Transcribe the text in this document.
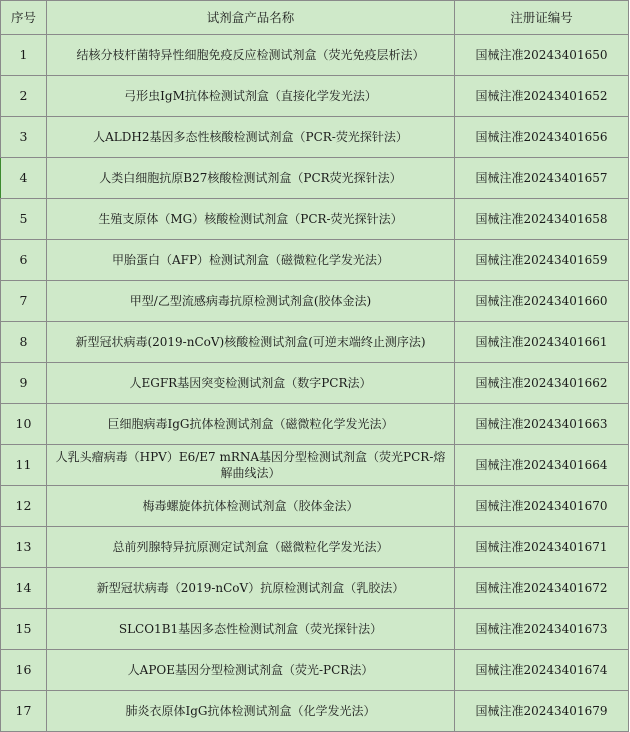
序号	试剂盒产品名称	注册证编号
1	结核分枝杆菌特异性细胞免疫反应检测试剂盒（荧光免疫层析法）	国械注准20243401650
2	弓形虫IgM抗体检测试剂盒（直接化学发光法）	国械注准20243401652
3	人ALDH2基因多态性核酸检测试剂盒（PCR-荧光探针法）	国械注准20243401656
4	人类白细胞抗原B27核酸检测试剂盒（PCR荧光探针法）	国械注准20243401657
5	生殖支原体（MG）核酸检测试剂盒（PCR-荧光探针法）	国械注准20243401658
6	甲胎蛋白（AFP）检测试剂盒（磁微粒化学发光法）	国械注准20243401659
7	甲型/乙型流感病毒抗原检测试剂盒(胶体金法)	国械注准20243401660
8	新型冠状病毒(2019-nCoV)核酸检测试剂盒(可逆末端终止测序法)	国械注准20243401661
9	人EGFR基因突变检测试剂盒（数字PCR法）	国械注准20243401662
10	巨细胞病毒IgG抗体检测试剂盒（磁微粒化学发光法）	国械注准20243401663
11	人乳头瘤病毒（HPV）E6/E7 mRNA基因分型检测试剂盒（荧光PCR-熔解曲线法）	国械注准20243401664
12	梅毒螺旋体抗体检测试剂盒（胶体金法）	国械注准20243401670
13	总前列腺特异抗原测定试剂盒（磁微粒化学发光法）	国械注准20243401671
14	新型冠状病毒（2019-nCoV）抗原检测试剂盒（乳胶法）	国械注准20243401672
15	SLCO1B1基因多态性检测试剂盒（荧光探针法）	国械注准20243401673
16	人APOE基因分型检测试剂盒（荧光-PCR法）	国械注准20243401674
17	肺炎衣原体IgG抗体检测试剂盒（化学发光法）	国械注准20243401679
